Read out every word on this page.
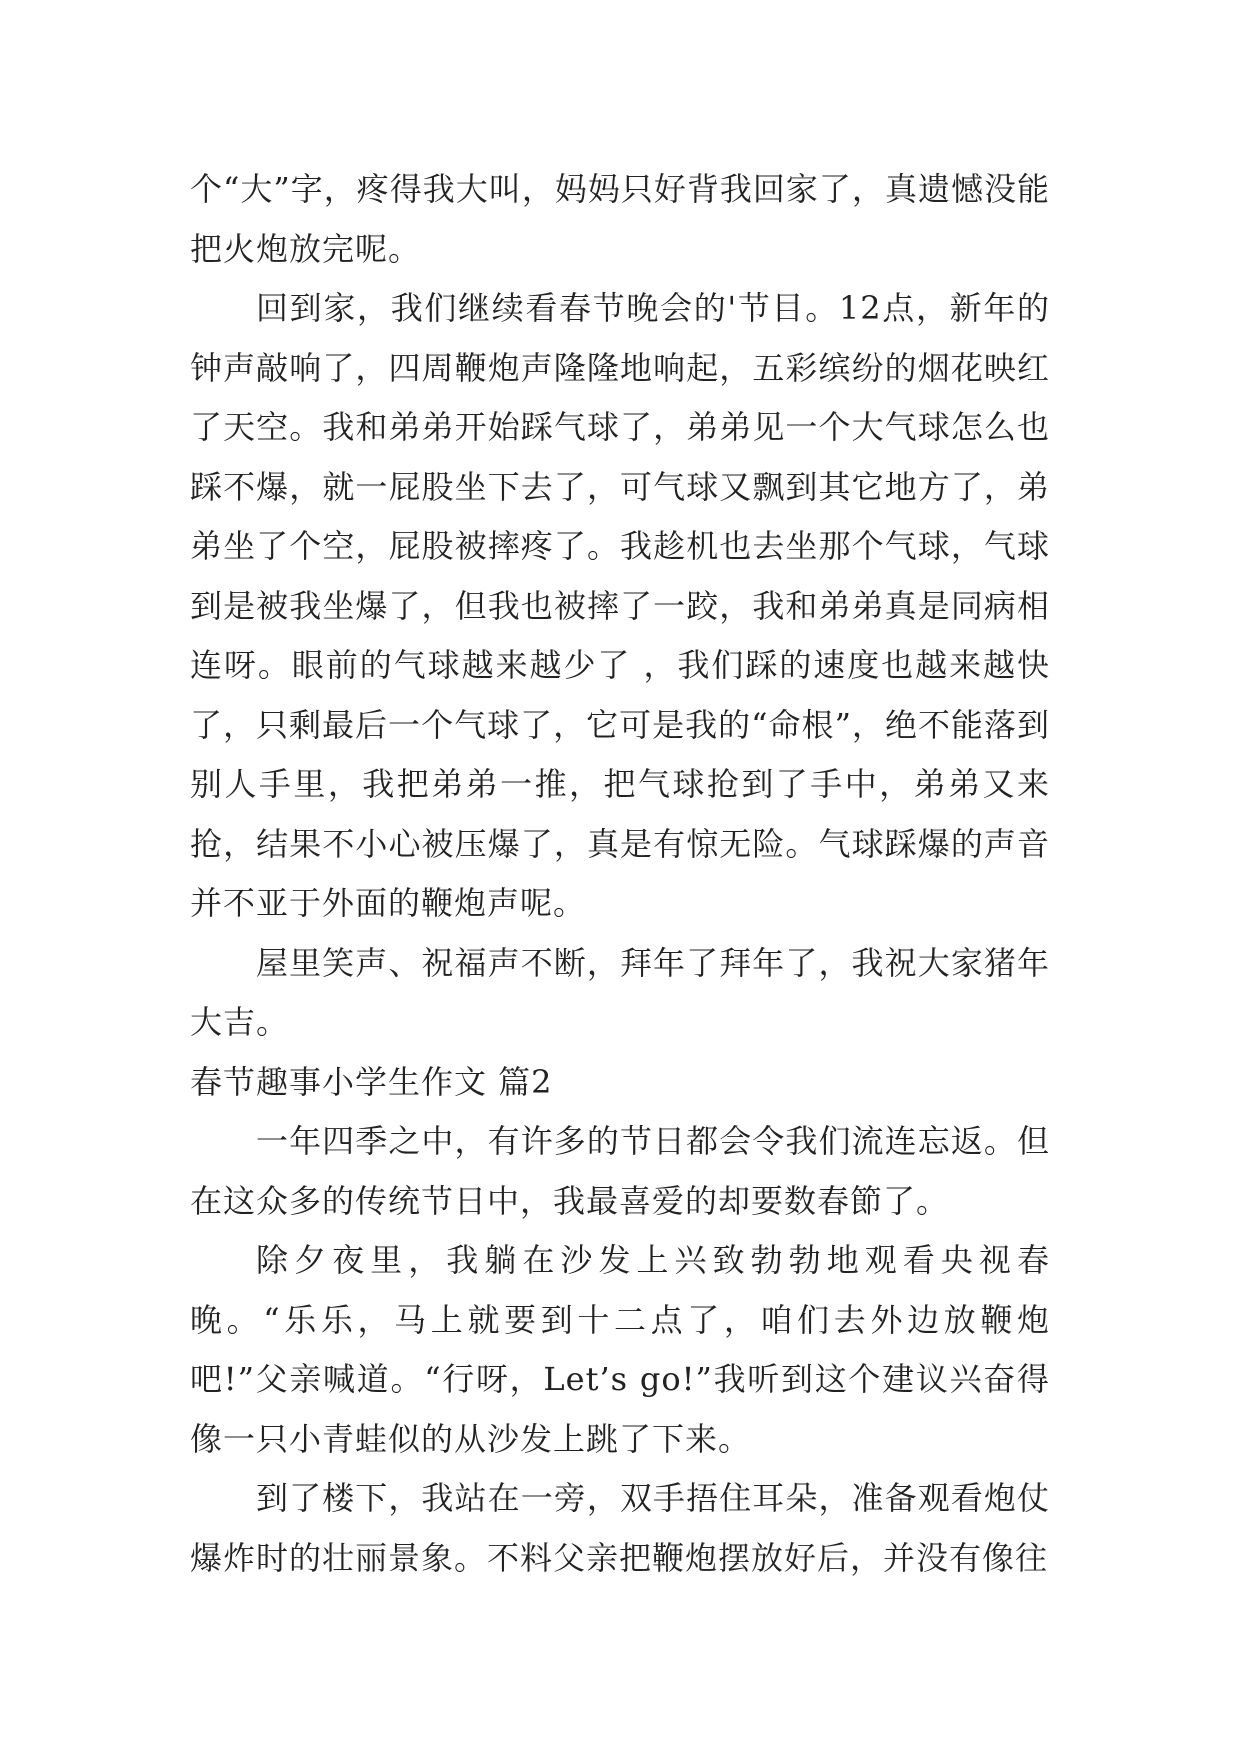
个“大”字，疼得我大叫，妈妈只好背我回家了，真遗憾没能把火炮放完呢。

回到家，我们继续看春节晚会的'节目。12点，新年的钟声敲响了，四周鞭炮声隆隆地响起，五彩缤纷的烟花映红了天空。我和弟弟开始踩气球了，弟弟见一个大气球怎么也踩不爆，就一屁股坐下去了，可气球又飘到其它地方了，弟弟坐了个空，屁股被摔疼了。我趁机也去坐那个气球，气球到是被我坐爆了，但我也被摔了一跤，我和弟弟真是同病相连呀。眼前的气球越来越少了 ，我们踩的速度也越来越快了，只剩最后一个气球了，它可是我的“命根”，绝不能落到别人手里，我把弟弟一推，把气球抢到了手中，弟弟又来抢，结果不小心被压爆了，真是有惊无险。气球踩爆的声音并不亚于外面的鞭炮声呢。

屋里笑声、祝福声不断，拜年了拜年了，我祝大家猪年大吉。

春节趣事小学生作文 篇2

一年四季之中，有许多的节日都会令我们流连忘返。但在这众多的传统节日中，我最喜爱的却要数春節了。

除夕夜里，我躺在沙发上兴致勃勃地观看央视春晚。“乐乐，马上就要到十二点了，咱们去外边放鞭炮吧!”父亲喊道。“行呀，Let’s go!”我听到这个建议兴奋得像一只小青蛙似的从沙发上跳了下来。

到了楼下，我站在一旁，双手捂住耳朵，准备观看炮仗爆炸时的壮丽景象。不料父亲把鞭炮摆放好后，并没有像往
